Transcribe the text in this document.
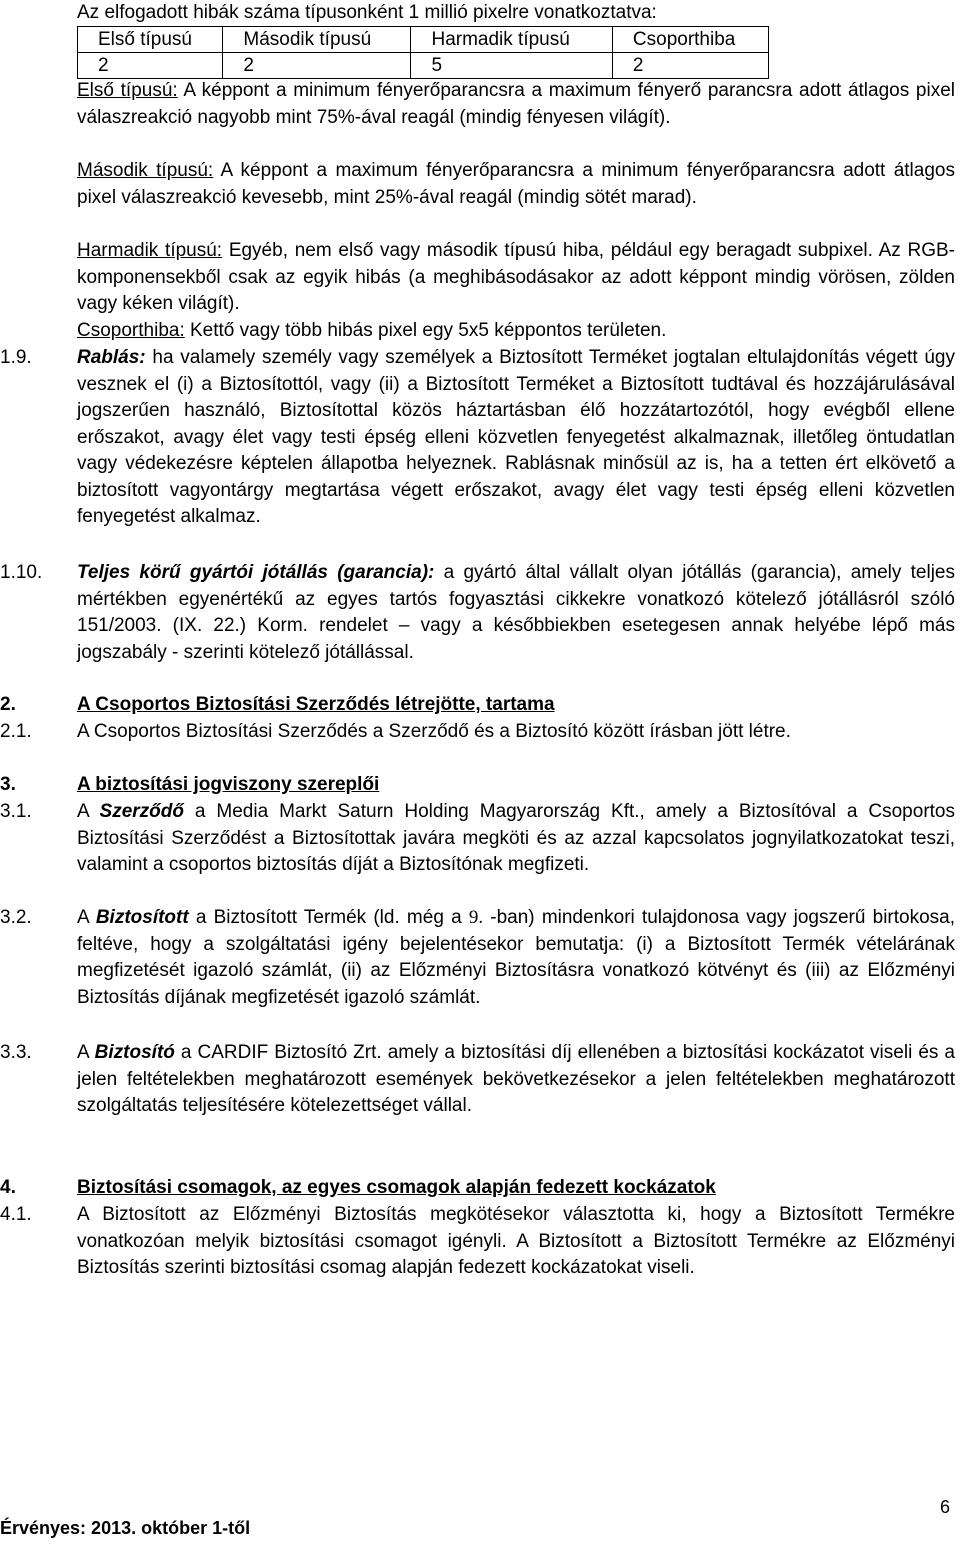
Az elfogadott hibák száma típusonként 1 millió pixelre vonatkoztatva:
Első típusú	Második típusú	Harmadik típusú	Csoporthiba
2	2	5	2
Első típusú: A képpont a minimum fényerőparancsra a maximum fényerő parancsra adott átlagos pixel válaszreakció nagyobb mint 75%-ával reagál (mindig fényesen világít).
Második típusú: A képpont a maximum fényerőparancsra a minimum fényerőparancsra adott átlagos pixel válaszreakció kevesebb, mint 25%-ával reagál (mindig sötét marad).
Harmadik típusú: Egyéb, nem első vagy második típusú hiba, például egy beragadt subpixel. Az RGB-komponensekből csak az egyik hibás (a meghibásodásakor az adott képpont mindig vörösen, zölden vagy kéken világít).
Csoporthiba: Kettő vagy több hibás pixel egy 5x5 képpontos területen.
1.9. Rablás: ha valamely személy vagy személyek a Biztosított Terméket jogtalan eltulajdonítás végett úgy vesznek el (i) a Biztosítottól, vagy (ii) a Biztosított Terméket a Biztosított tudtával és hozzájárulásával jogszerűen használó, Biztosítottal közös háztartásban élő hozzátartozótól, hogy evégből ellene erőszakot, avagy élet vagy testi épség elleni közvetlen fenyegetést alkalmaznak, illetőleg öntudatlan vagy védekezésre képtelen állapotba helyeznek. Rablásnak minősül az is, ha a tetten ért elkövető a biztosított vagyontárgy megtartása végett erőszakot, avagy élet vagy testi épség elleni közvetlen fenyegetést alkalmaz.
1.10. Teljes körű gyártói jótállás (garancia): a gyártó által vállalt olyan jótállás (garancia), amely teljes mértékben egyenértékű az egyes tartós fogyasztási cikkekre vonatkozó kötelező jótállásról szóló 151/2003. (IX. 22.) Korm. rendelet – vagy a későbbiekben esetegesen annak helyébe lépő más jogszabály - szerinti kötelező jótállással.
2.	A Csoportos Biztosítási Szerződés létrejötte, tartama
2.1. A Csoportos Biztosítási Szerződés a Szerződő és a Biztosító között írásban jött létre.
3.	A biztosítási jogviszony szereplői
3.1. A Szerződő a Media Markt Saturn Holding Magyarország Kft., amely a Biztosítóval a Csoportos Biztosítási Szerződést a Biztosítottak javára megköti és az azzal kapcsolatos jognyilatkozatokat teszi, valamint a csoportos biztosítás díját a Biztosítónak megfizeti.
3.2. A Biztosított a Biztosított Termék (ld. még a 9. -ban) mindenkori tulajdonosa vagy jogszerű birtokosa, feltéve, hogy a szolgáltatási igény bejelentésekor bemutatja: (i) a Biztosított Termék vételárának megfizetését igazoló számlát, (ii) az Előzményi Biztosításra vonatkozó kötvényt és (iii) az Előzményi Biztosítás díjának megfizetését igazoló számlát.
3.3. A Biztosító a CARDIF Biztosító Zrt. amely a biztosítási díj ellenében a biztosítási kockázatot viseli és a jelen feltételekben meghatározott események bekövetkezésekor a jelen feltételekben meghatározott szolgáltatás teljesítésére kötelezettséget vállal.
4.	Biztosítási csomagok, az egyes csomagok alapján fedezett kockázatok
4.1. A Biztosított az Előzményi Biztosítás megkötésekor választotta ki, hogy a Biztosított Termékre vonatkozóan melyik biztosítási csomagot igényli. A Biztosított a Biztosított Termékre az Előzményi Biztosítás szerinti biztosítási csomag alapján fedezett kockázatokat viseli.
Érvényes: 2013. október 1-től
6
